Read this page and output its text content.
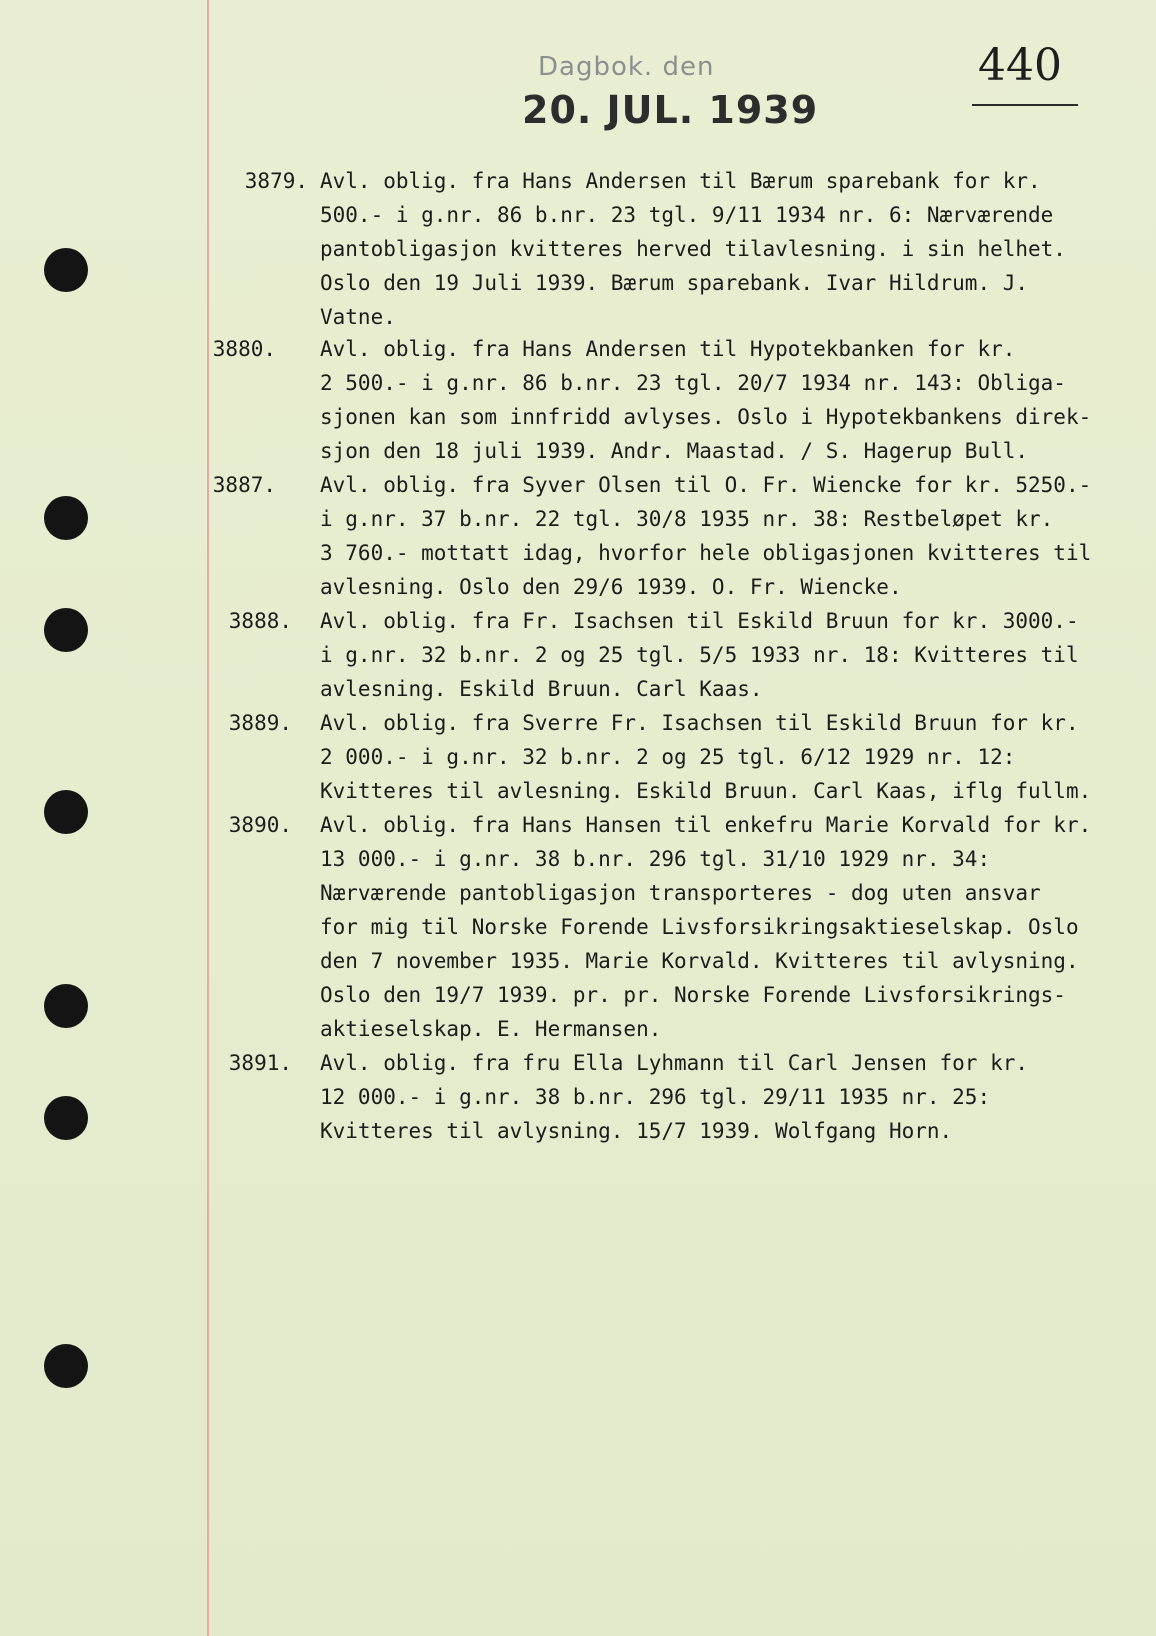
Dagbok. den
20. JUL. 1939
440
3879. Avl. oblig. fra Hans Andersen til Bærum sparebank for kr.
500.- i g.nr. 86 b.nr. 23 tgl. 9/11 1934 nr. 6: Nærværende
pantobligasjon kvitteres herved tilavlesning. i sin helhet.
Oslo den 19 Juli 1939. Bærum sparebank. Ivar Hildrum. J.
Vatne.
3880. Avl. oblig. fra Hans Andersen til Hypotekbanken for kr.
2 500.- i g.nr. 86 b.nr. 23 tgl. 20/7 1934 nr. 143: Obliga-
sjonen kan som innfridd avlyses. Oslo i Hypotekbankens direk-
sjon den 18 juli 1939. Andr. Maastad. / S. Hagerup Bull.
3887. Avl. oblig. fra Syver Olsen til O. Fr. Wiencke for kr. 5250.-
i g.nr. 37 b.nr. 22 tgl. 30/8 1935 nr. 38: Restbeløpet kr.
3 760.- mottatt idag, hvorfor hele obligasjonen kvitteres til
avlesning. Oslo den 29/6 1939. O. Fr. Wiencke.
3888. Avl. oblig. fra Fr. Isachsen til Eskild Bruun for kr. 3000.-
i g.nr. 32 b.nr. 2 og 25 tgl. 5/5 1933 nr. 18: Kvitteres til
avlesning. Eskild Bruun. Carl Kaas.
3889. Avl. oblig. fra Sverre Fr. Isachsen til Eskild Bruun for kr.
2 000.- i g.nr. 32 b.nr. 2 og 25 tgl. 6/12 1929 nr. 12:
Kvitteres til avlesning. Eskild Bruun. Carl Kaas, iflg fullm.
3890. Avl. oblig. fra Hans Hansen til enkefru Marie Korvald for kr.
13 000.- i g.nr. 38 b.nr. 296 tgl. 31/10 1929 nr. 34:
Nærværende pantobligasjon transporteres - dog uten ansvar
for mig til Norske Forende Livsforsikringsaktieselskap. Oslo
den 7 november 1935. Marie Korvald. Kvitteres til avlysning.
Oslo den 19/7 1939. pr. pr. Norske Forende Livsforsikrings-
aktieselskap. E. Hermansen.
3891. Avl. oblig. fra fru Ella Lyhmann til Carl Jensen for kr.
12 000.- i g.nr. 38 b.nr. 296 tgl. 29/11 1935 nr. 25:
Kvitteres til avlysning. 15/7 1939. Wolfgang Horn.
